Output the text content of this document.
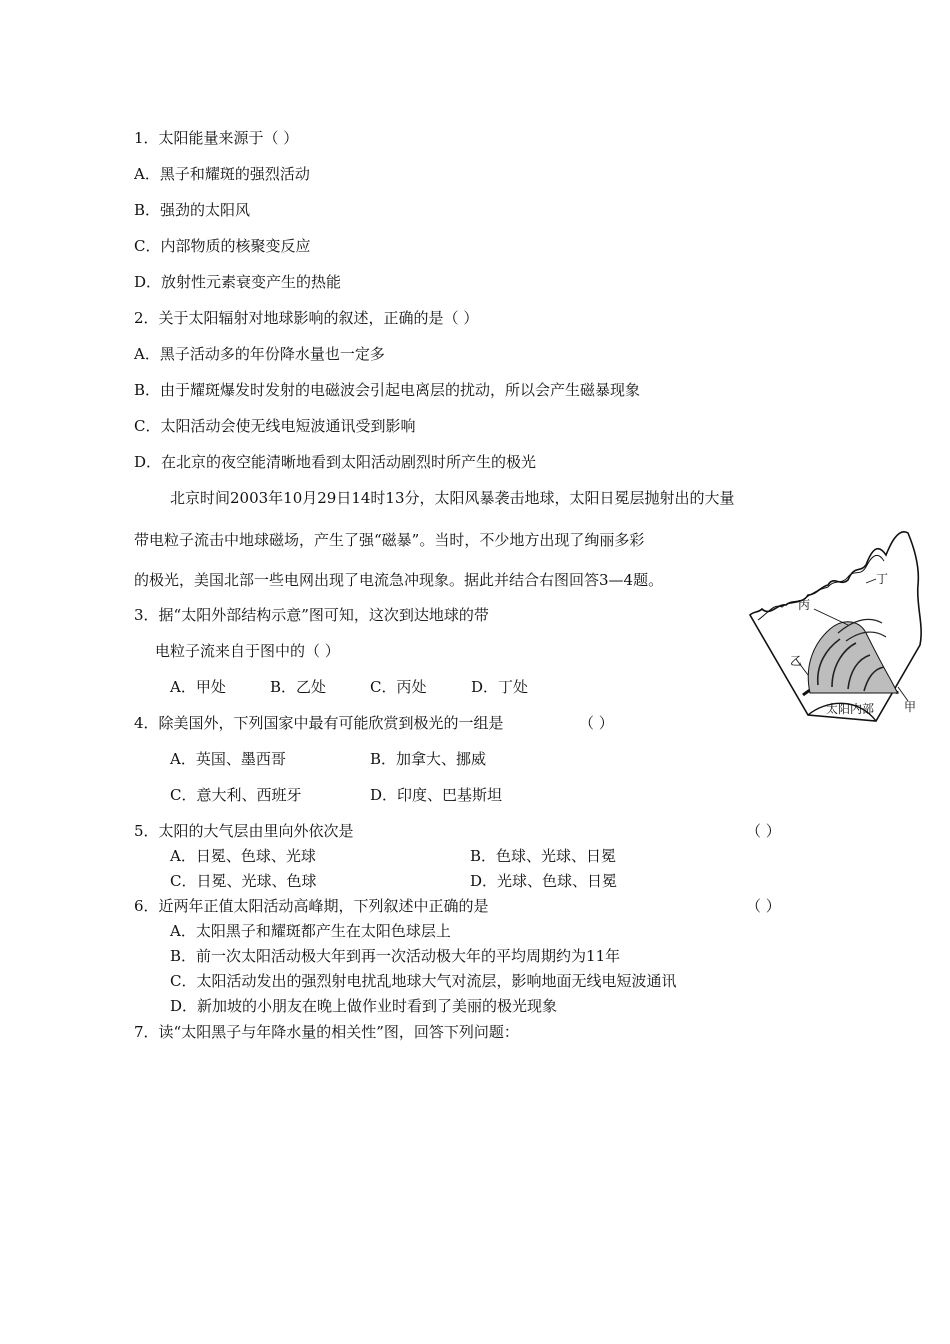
1．太阳能量来源于（ ）
A．黑子和耀斑的强烈活动
B．强劲的太阳风
C．内部物质的核聚变反应
D．放射性元素衰变产生的热能
2．关于太阳辐射对地球影响的叙述，正确的是（ ）
A．黑子活动多的年份降水量也一定多
B．由于耀斑爆发时发射的电磁波会引起电离层的扰动，所以会产生磁暴现象
C．太阳活动会使无线电短波通讯受到影响
D．在北京的夜空能清晰地看到太阳活动剧烈时所产生的极光
北京时间2003年10月29日14时13分，太阳风暴袭击地球，太阳日冕层抛射出的大量
带电粒子流击中地球磁场，产生了强“磁暴”。当时，不少地方出现了绚丽多彩
的极光，美国北部一些电网出现了电流急冲现象。据此并结合右图回答3—4题。
3．据“太阳外部结构示意”图可知，这次到达地球的带
电粒子流来自于图中的（ ）
A．甲处	B．乙处	C．丙处	D．丁处
4．除美国外，下列国家中最有可能欣赏到极光的一组是	（ ）
A．英国、墨西哥	B．加拿大、挪威
C．意大利、西班牙	D．印度、巴基斯坦
5．太阳的大气层由里向外依次是	（ ）
A．日冕、色球、光球	B．色球、光球、日冕
C．日冕、光球、色球	D．光球、色球、日冕
6．近两年正值太阳活动高峰期，下列叙述中正确的是	（ ）
A．太阳黑子和耀斑都产生在太阳色球层上
B．前一次太阳活动极大年到再一次活动极大年的平均周期约为11年
C．太阳活动发出的强烈射电扰乱地球大气对流层，影响地面无线电短波通讯
D．新加坡的小朋友在晚上做作业时看到了美丽的极光现象
7．读“太阳黑子与年降水量的相关性”图，回答下列问题：
丙
乙
甲
丁
太阳内部
